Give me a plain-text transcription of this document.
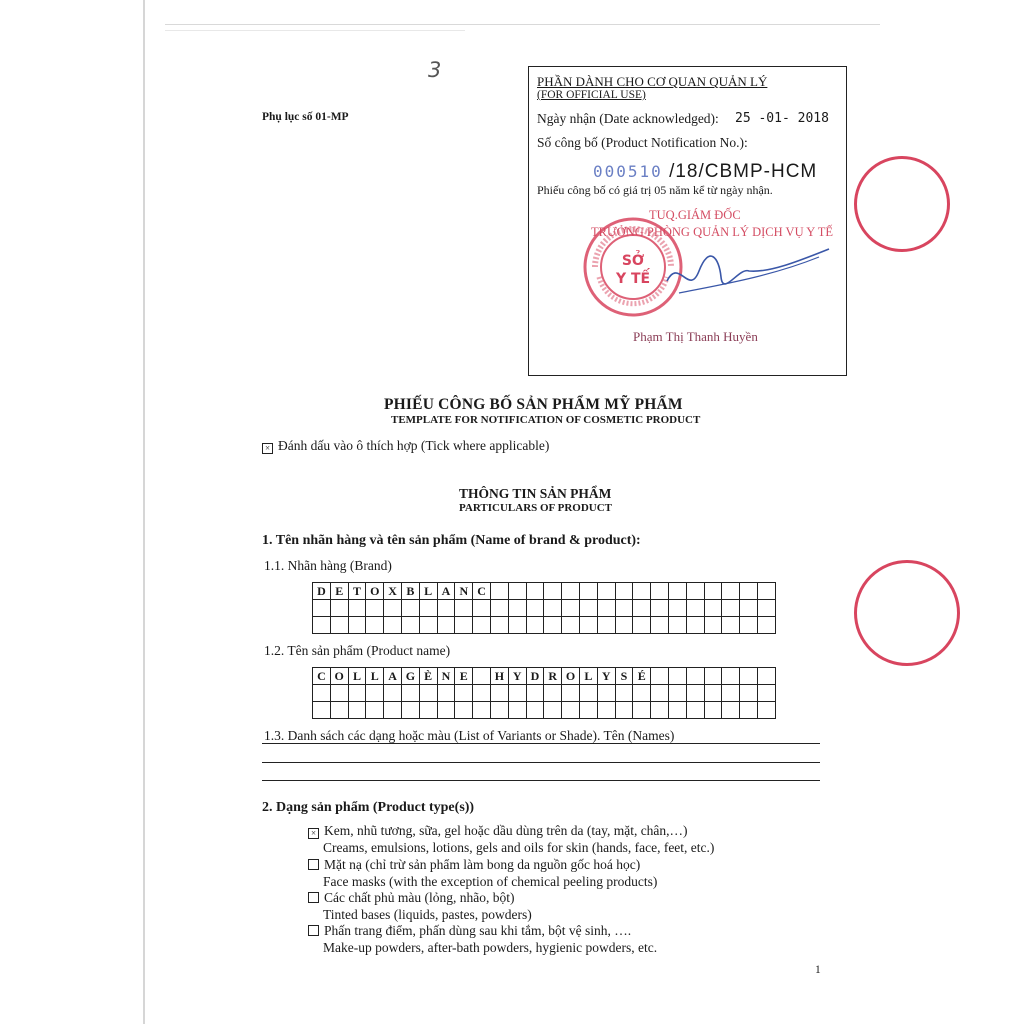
3
Phụ lục số 01-MP
PHẦN DÀNH CHO CƠ QUAN QUẢN LÝ
(FOR OFFICIAL USE)
Ngày nhận (Date acknowledged): 25 -01- 2018
Số công bố (Product Notification No.):
000510 /18/CBMP-HCM
Phiếu công bố có giá trị 05 năm kể từ ngày nhận.
TUQ.GIÁM ĐỐC
TRƯỞNG PHÒNG QUẢN LÝ DỊCH VỤ Y TẾ
SỞ
Y TẾ
Phạm Thị Thanh Huyền
PHIẾU CÔNG BỐ SẢN PHẨM MỸ PHẨM
TEMPLATE FOR NOTIFICATION OF COSMETIC PRODUCT
× Đánh dấu vào ô thích hợp (Tick where applicable)
THÔNG TIN SẢN PHẨM
PARTICULARS OF PRODUCT
1. Tên nhãn hàng và tên sản phẩm (Name of brand & product):
1.1. Nhãn hàng (Brand)
D E T O X B L A N C
1.2. Tên sản phẩm (Product name)
C O L L A G È N E	H Y D R O L Y S É
1.3. Danh sách các dạng hoặc màu (List of Variants or Shade). Tên (Names)
2. Dạng sản phẩm (Product type(s))
× Kem, nhũ tương, sữa, gel hoặc dầu dùng trên da (tay, mặt, chân,…)
Creams, emulsions, lotions, gels and oils for skin (hands, face, feet, etc.)
Mặt nạ (chỉ trừ sản phẩm làm bong da nguồn gốc hoá học)
Face masks (with the exception of chemical peeling products)
Các chất phủ màu (lỏng, nhão, bột)
Tinted bases (liquids, pastes, powders)
Phấn trang điểm, phấn dùng sau khi tắm, bột vệ sinh, ….
Make-up powders, after-bath powders, hygienic powders, etc.
1
